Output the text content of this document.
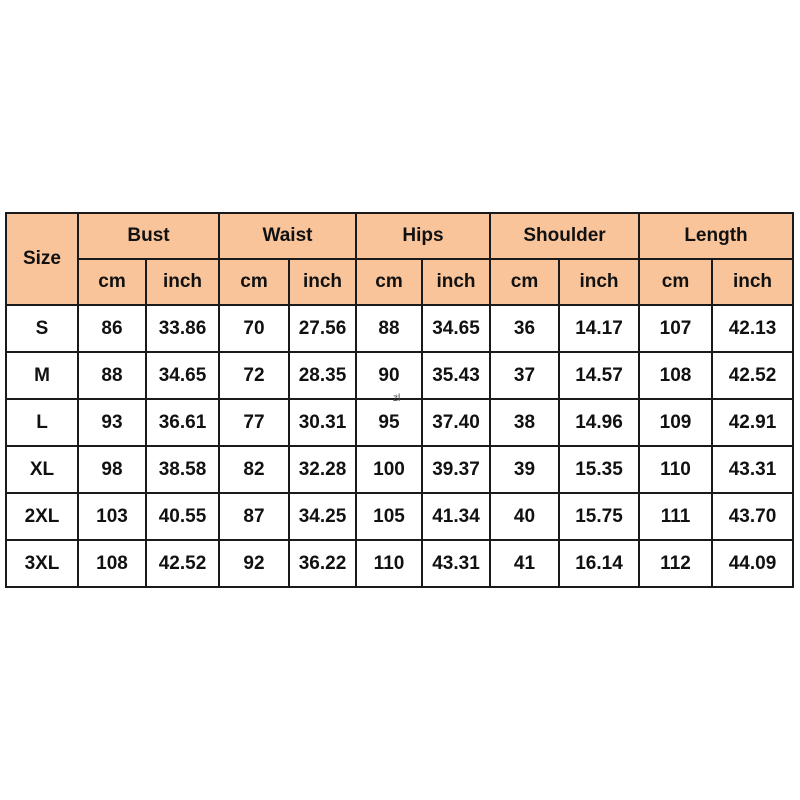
Size	Bust		Waist		Hips		Shoulder		Length	
	cm	inch	cm	inch	cm	inch	cm	inch	cm	inch
S	86	33.86	70	27.56	88	34.65	36	14.17	107	42.13
M	88	34.65	72	28.35	90	35.43	37	14.57	108	42.52
L	93	36.61	77	30.31	95	37.40	38	14.96	109	42.91
XL	98	38.58	82	32.28	100	39.37	39	15.35	110	43.31
2XL	103	40.55	87	34.25	105	41.34	40	15.75	111	43.70
3XL	108	42.52	92	36.22	110	43.31	41	16.14	112	44.09
zl
